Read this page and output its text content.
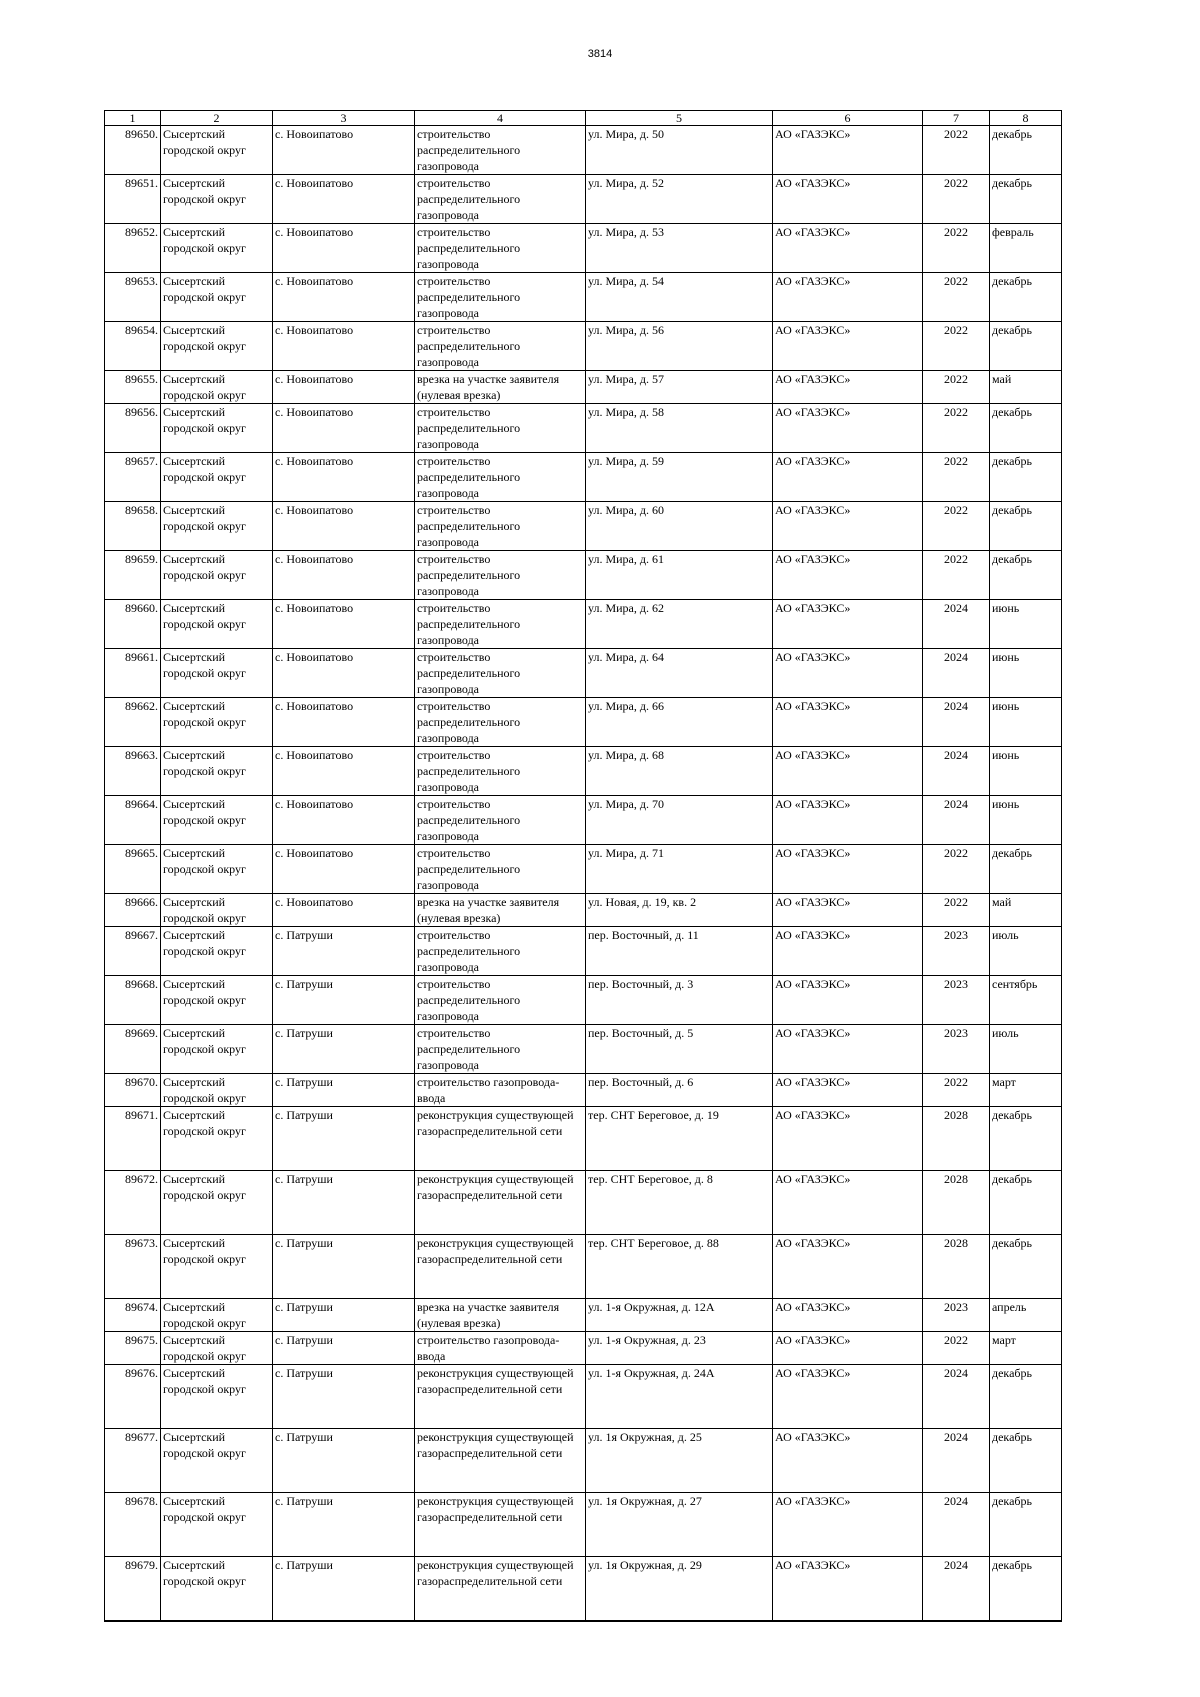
3814
1	2	3	4	5	6	7	8
89650.	Сысертский городской округ	с. Новоипатово	строительство распределительного газопровода	ул. Мира, д. 50	АО «ГАЗЭКС»	2022	декабрь
89651.	Сысертский городской округ	с. Новоипатово	строительство распределительного газопровода	ул. Мира, д. 52	АО «ГАЗЭКС»	2022	декабрь
89652.	Сысертский городской округ	с. Новоипатово	строительство распределительного газопровода	ул. Мира, д. 53	АО «ГАЗЭКС»	2022	февраль
89653.	Сысертский городской округ	с. Новоипатово	строительство распределительного газопровода	ул. Мира, д. 54	АО «ГАЗЭКС»	2022	декабрь
89654.	Сысертский городской округ	с. Новоипатово	строительство распределительного газопровода	ул. Мира, д. 56	АО «ГАЗЭКС»	2022	декабрь
89655.	Сысертский городской округ	с. Новоипатово	врезка на участке заявителя (нулевая врезка)	ул. Мира, д. 57	АО «ГАЗЭКС»	2022	май
89656.	Сысертский городской округ	с. Новоипатово	строительство распределительного газопровода	ул. Мира, д. 58	АО «ГАЗЭКС»	2022	декабрь
89657.	Сысертский городской округ	с. Новоипатово	строительство распределительного газопровода	ул. Мира, д. 59	АО «ГАЗЭКС»	2022	декабрь
89658.	Сысертский городской округ	с. Новоипатово	строительство распределительного газопровода	ул. Мира, д. 60	АО «ГАЗЭКС»	2022	декабрь
89659.	Сысертский городской округ	с. Новоипатово	строительство распределительного газопровода	ул. Мира, д. 61	АО «ГАЗЭКС»	2022	декабрь
89660.	Сысертский городской округ	с. Новоипатово	строительство распределительного газопровода	ул. Мира, д. 62	АО «ГАЗЭКС»	2024	июнь
89661.	Сысертский городской округ	с. Новоипатово	строительство распределительного газопровода	ул. Мира, д. 64	АО «ГАЗЭКС»	2024	июнь
89662.	Сысертский городской округ	с. Новоипатово	строительство распределительного газопровода	ул. Мира, д. 66	АО «ГАЗЭКС»	2024	июнь
89663.	Сысертский городской округ	с. Новоипатово	строительство распределительного газопровода	ул. Мира, д. 68	АО «ГАЗЭКС»	2024	июнь
89664.	Сысертский городской округ	с. Новоипатово	строительство распределительного газопровода	ул. Мира, д. 70	АО «ГАЗЭКС»	2024	июнь
89665.	Сысертский городской округ	с. Новоипатово	строительство распределительного газопровода	ул. Мира, д. 71	АО «ГАЗЭКС»	2022	декабрь
89666.	Сысертский городской округ	с. Новоипатово	врезка на участке заявителя (нулевая врезка)	ул. Новая, д. 19, кв. 2	АО «ГАЗЭКС»	2022	май
89667.	Сысертский городской округ	с. Патруши	строительство распределительного газопровода	пер. Восточный, д. 11	АО «ГАЗЭКС»	2023	июль
89668.	Сысертский городской округ	с. Патруши	строительство распределительного газопровода	пер. Восточный, д. 3	АО «ГАЗЭКС»	2023	сентябрь
89669.	Сысертский городской округ	с. Патруши	строительство распределительного газопровода	пер. Восточный, д. 5	АО «ГАЗЭКС»	2023	июль
89670.	Сысертский городской округ	с. Патруши	строительство газопровода-ввода	пер. Восточный, д. 6	АО «ГАЗЭКС»	2022	март
89671.	Сысертский городской округ	с. Патруши	реконструкция существующей газораспределительной сети	тер. СНТ Береговое, д. 19	АО «ГАЗЭКС»	2028	декабрь
89672.	Сысертский городской округ	с. Патруши	реконструкция существующей газораспределительной сети	тер. СНТ Береговое, д. 8	АО «ГАЗЭКС»	2028	декабрь
89673.	Сысертский городской округ	с. Патруши	реконструкция существующей газораспределительной сети	тер. СНТ Береговое, д. 88	АО «ГАЗЭКС»	2028	декабрь
89674.	Сысертский городской округ	с. Патруши	врезка на участке заявителя (нулевая врезка)	ул. 1-я Окружная, д. 12А	АО «ГАЗЭКС»	2023	апрель
89675.	Сысертский городской округ	с. Патруши	строительство газопровода-ввода	ул. 1-я Окружная, д. 23	АО «ГАЗЭКС»	2022	март
89676.	Сысертский городской округ	с. Патруши	реконструкция существующей газораспределительной сети	ул. 1-я Окружная, д. 24А	АО «ГАЗЭКС»	2024	декабрь
89677.	Сысертский городской округ	с. Патруши	реконструкция существующей газораспределительной сети	ул. 1я Окружная, д. 25	АО «ГАЗЭКС»	2024	декабрь
89678.	Сысертский городской округ	с. Патруши	реконструкция существующей газораспределительной сети	ул. 1я Окружная, д. 27	АО «ГАЗЭКС»	2024	декабрь
89679.	Сысертский городской округ	с. Патруши	реконструкция существующей газораспределительной сети	ул. 1я Окружная, д. 29	АО «ГАЗЭКС»	2024	декабрь
